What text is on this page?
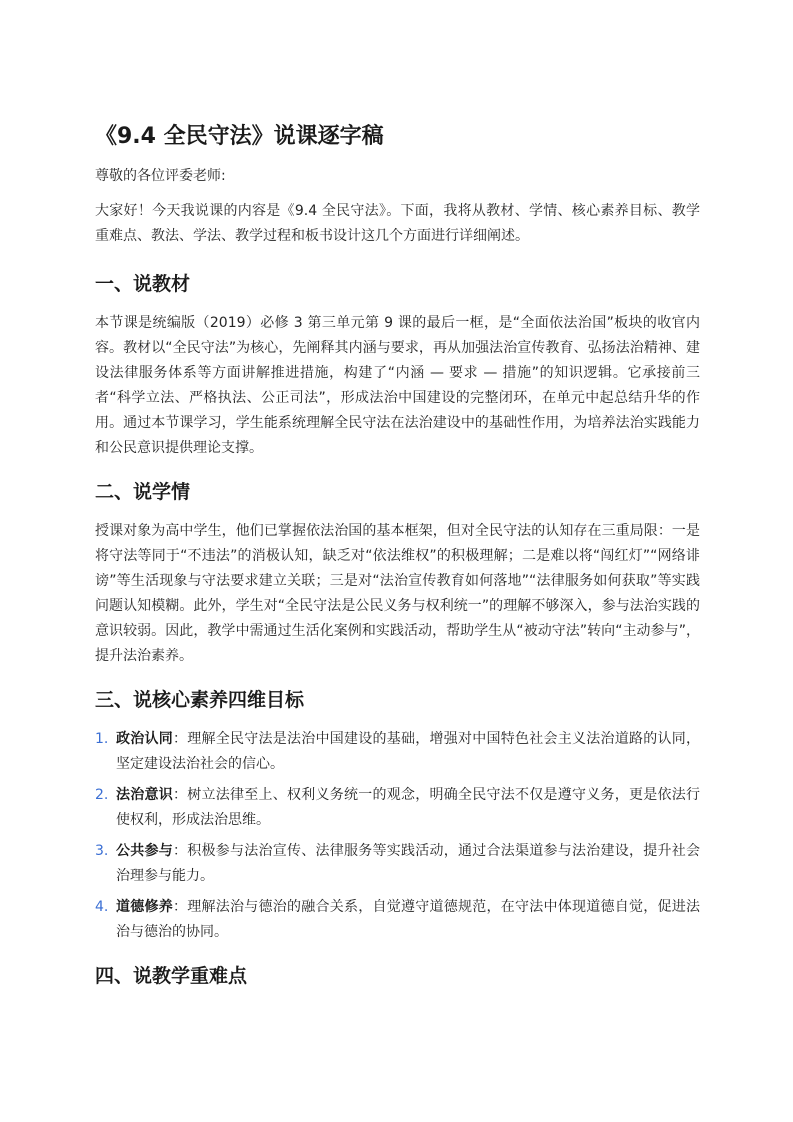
《9.4 全民守法》说课逐字稿

尊敬的各位评委老师:

大家好！今天我说课的内容是《9.4 全民守法》。下面，我将从教材、学情、核心素养目标、教学重难点、教法、学法、教学过程和板书设计这几个方面进行详细阐述。

一、说教材

本节课是统编版（2019）必修 3 第三单元第 9 课的最后一框，是“全面依法治国”板块的收官内容。教材以“全民守法”为核心，先阐释其内涵与要求，再从加强法治宣传教育、弘扬法治精神、建设法律服务体系等方面讲解推进措施，构建了“内涵 — 要求 — 措施”的知识逻辑。它承接前三者“科学立法、严格执法、公正司法”，形成法治中国建设的完整闭环，在单元中起总结升华的作用。通过本节课学习，学生能系统理解全民守法在法治建设中的基础性作用，为培养法治实践能力和公民意识提供理论支撑。

二、说学情

授课对象为高中学生，他们已掌握依法治国的基本框架，但对全民守法的认知存在三重局限：一是将守法等同于“不违法”的消极认知，缺乏对“依法维权”的积极理解；二是难以将“闯红灯”“网络诽谤”等生活现象与守法要求建立关联；三是对“法治宣传教育如何落地”“法律服务如何获取”等实践问题认知模糊。此外，学生对“全民守法是公民义务与权利统一”的理解不够深入，参与法治实践的意识较弱。因此，教学中需通过生活化案例和实践活动，帮助学生从“被动守法”转向“主动参与”，提升法治素养。

三、说核心素养四维目标
1. 政治认同：理解全民守法是法治中国建设的基础，增强对中国特色社会主义法治道路的认同，坚定建设法治社会的信心。
2. 法治意识：树立法律至上、权利义务统一的观念，明确全民守法不仅是遵守义务，更是依法行使权利，形成法治思维。
3. 公共参与：积极参与法治宣传、法律服务等实践活动，通过合法渠道参与法治建设，提升社会治理参与能力。
4. 道德修养：理解法治与德治的融合关系，自觉遵守道德规范，在守法中体现道德自觉，促进法治与德治的协同。
四、说教学重难点
